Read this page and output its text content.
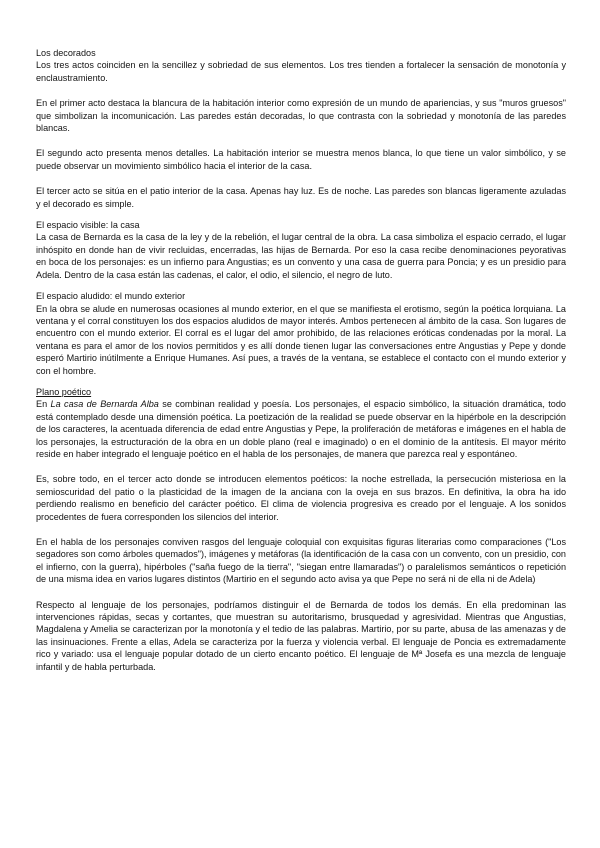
Los decorados

Los tres actos coinciden en la sencillez y sobriedad de sus elementos. Los tres tienden a fortalecer la sensación de monotonía y enclaustramiento.

En el primer acto destaca la blancura de la habitación interior como expresión de un mundo de apariencias, y sus "muros gruesos" que simbolizan la incomunicación. Las paredes están decoradas, lo que contrasta con la sobriedad y monotonía de las paredes blancas.

El segundo acto presenta menos detalles. La habitación interior se muestra menos blanca, lo que tiene un valor simbólico, y se puede observar un movimiento simbólico hacia el interior de la casa.

El tercer acto se sitúa en el patio interior de la casa. Apenas hay luz. Es de noche. Las paredes son blancas ligeramente azuladas y el decorado es simple.

El espacio visible: la casa

La casa de Bernarda es la casa de la ley y de la rebelión, el lugar central de la obra. La casa simboliza el espacio cerrado, el lugar inhóspito en donde han de vivir recluidas, encerradas, las hijas de Bernarda. Por eso la casa recibe denominaciones peyorativas en boca de los personajes: es un infierno para Angustias; es un convento y una casa de guerra para Poncia; y es un presidio para Adela. Dentro de la casa están las cadenas, el calor, el odio, el silencio, el negro de luto.

El espacio aludido: el mundo exterior

En la obra se alude en numerosas ocasiones al mundo exterior, en el que se manifiesta el erotismo, según la poética lorquiana. La ventana y el corral constituyen los dos espacios aludidos de mayor interés. Ambos pertenecen al ámbito de la casa. Son lugares de encuentro con el mundo exterior. El corral es el lugar del amor prohibido, de las relaciones eróticas condenadas por la moral. La ventana es para el amor de los novios permitidos y es allí donde tienen lugar las conversaciones entre Angustias y Pepe y donde esperó Martirio inútilmente a Enrique Humanes. Así pues, a través de la ventana, se establece el contacto con el mundo exterior y con el hombre.

Plano poético

En La casa de Bernarda Alba se combinan realidad y poesía. Los personajes, el espacio simbólico, la situación dramática, todo está contemplado desde una dimensión poética. La poetización de la realidad se puede observar en la hipérbole en la descripción de los caracteres, la acentuada diferencia de edad entre Angustias y Pepe, la proliferación de metáforas e imágenes en el habla de los personajes, la estructuración de la obra en un doble plano (real e imaginado) o en el dominio de la antítesis. El mayor mérito reside en haber integrado el lenguaje poético en el habla de los personajes, de manera que parezca real y espontáneo.

Es, sobre todo, en el tercer acto donde se introducen elementos poéticos: la noche estrellada, la persecución misteriosa en la semioscuridad del patio o la plasticidad de la imagen de la anciana con la oveja en sus brazos. En definitiva, la obra ha ido perdiendo realismo en beneficio del carácter poético. El clima de violencia progresiva es creado por el lenguaje. A los sonidos procedentes de fuera corresponden los silencios del interior.

En el habla de los personajes conviven rasgos del lenguaje coloquial con exquisitas figuras literarias como comparaciones ("Los segadores son como árboles quemados"), imágenes y metáforas (la identificación de la casa con un convento, con un presidio, con el infierno, con la guerra), hipérboles ("saña fuego de la tierra", "siegan entre llamaradas") o paralelismos semánticos o repetición de una misma idea en varios lugares distintos (Martirio en el segundo acto avisa ya que Pepe no será ni de ella ni de Adela)

Respecto al lenguaje de los personajes, podríamos distinguir el de Bernarda de todos los demás. En ella predominan las intervenciones rápidas, secas y cortantes, que muestran su autoritarismo, brusquedad y agresividad. Mientras que Angustias, Magdalena y Amelia se caracterizan por la monotonía y el tedio de las palabras. Martirio, por su parte, abusa de las amenazas y de las insinuaciones. Frente a ellas, Adela se caracteriza por la fuerza y violencia verbal. El lenguaje de Poncia es extremadamente rico y variado: usa el lenguaje popular dotado de un cierto encanto poético. El lenguaje de Mª Josefa es una mezcla de lenguaje infantil y de habla perturbada.
